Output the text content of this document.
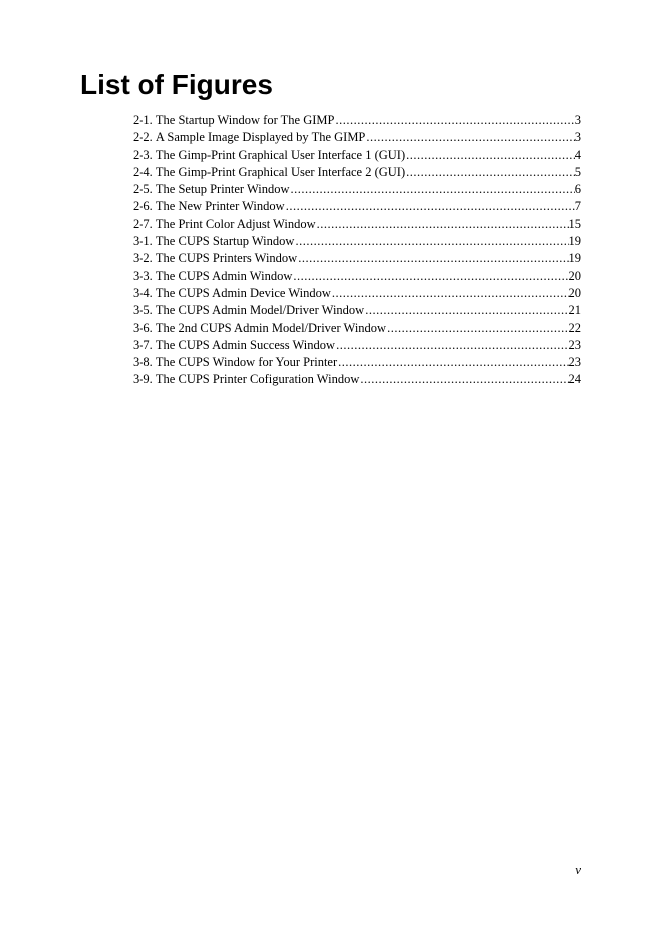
List of Figures
2-1. The Startup Window for The GIMP .....	3
2-2. A Sample Image Displayed by The GIMP .....	3
2-3. The Gimp-Print Graphical User Interface 1 (GUI) .....	4
2-4. The Gimp-Print Graphical User Interface 2 (GUI) .....	5
2-5. The Setup Printer Window .....	6
2-6. The New Printer Window .....	7
2-7. The Print Color Adjust Window .....	15
3-1. The CUPS Startup Window .....	19
3-2. The CUPS Printers Window .....	19
3-3. The CUPS Admin Window .....	20
3-4. The CUPS Admin Device Window .....	20
3-5. The CUPS Admin Model/Driver Window .....	21
3-6. The 2nd CUPS Admin Model/Driver Window .....	22
3-7. The CUPS Admin Success Window .....	23
3-8. The CUPS Window for Your Printer .....	23
3-9. The CUPS Printer Cofiguration Window .....	24
v
